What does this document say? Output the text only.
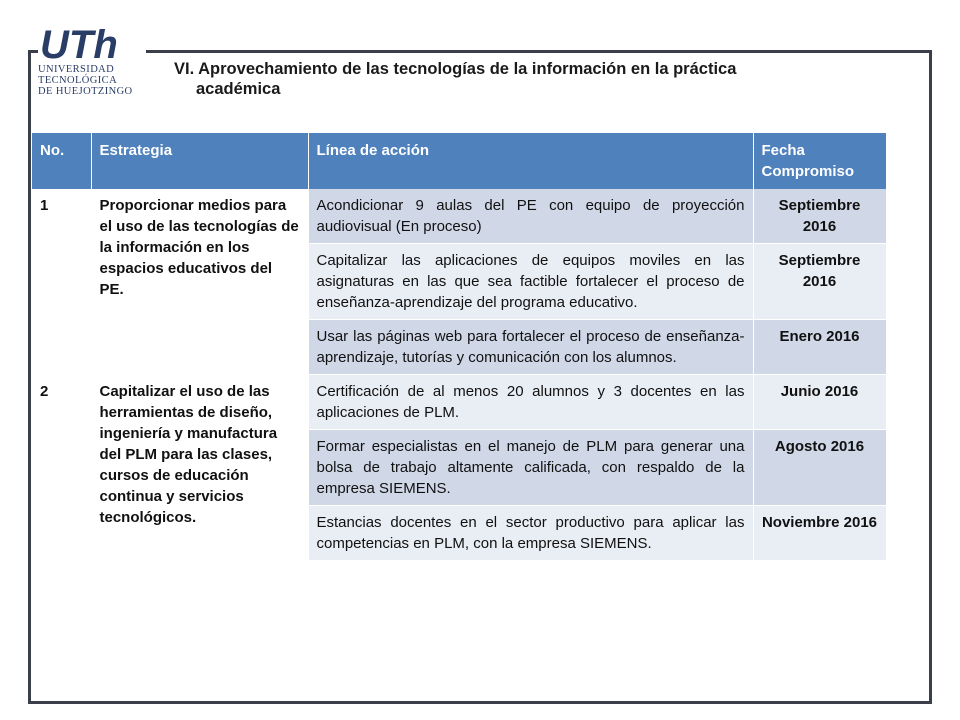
UTh
UNIVERSIDAD
TECNOLÓGICA
DE HUEJOTZINGO
VI. Aprovechamiento de las tecnologías de la información en la práctica
académica
No.	Estrategia	Línea de acción	Fecha Compromiso
1	Proporcionar medios para el uso de las tecnologías de la información en los espacios educativos del PE.	Acondicionar 9 aulas del PE con equipo de proyección audiovisual (En proceso)	Septiembre 2016
		Capitalizar las aplicaciones de equipos moviles en las asignaturas en las que sea factible fortalecer el proceso de enseñanza-aprendizaje del programa educativo.	Septiembre 2016
		Usar las páginas web para fortalecer el proceso de enseñanza-aprendizaje, tutorías y comunicación con los alumnos.	Enero 2016
2	Capitalizar el uso de las herramientas de diseño, ingeniería y manufactura del PLM para las clases, cursos de educación continua y servicios tecnológicos.	Certificación de al menos 20 alumnos y 3 docentes en las aplicaciones de PLM.	Junio 2016
		Formar especialistas en el manejo de PLM para generar una bolsa de trabajo altamente calificada, con respaldo de la empresa SIEMENS.	Agosto 2016
		Estancias docentes en el sector productivo para aplicar las competencias en PLM, con la empresa SIEMENS.	Noviembre 2016
